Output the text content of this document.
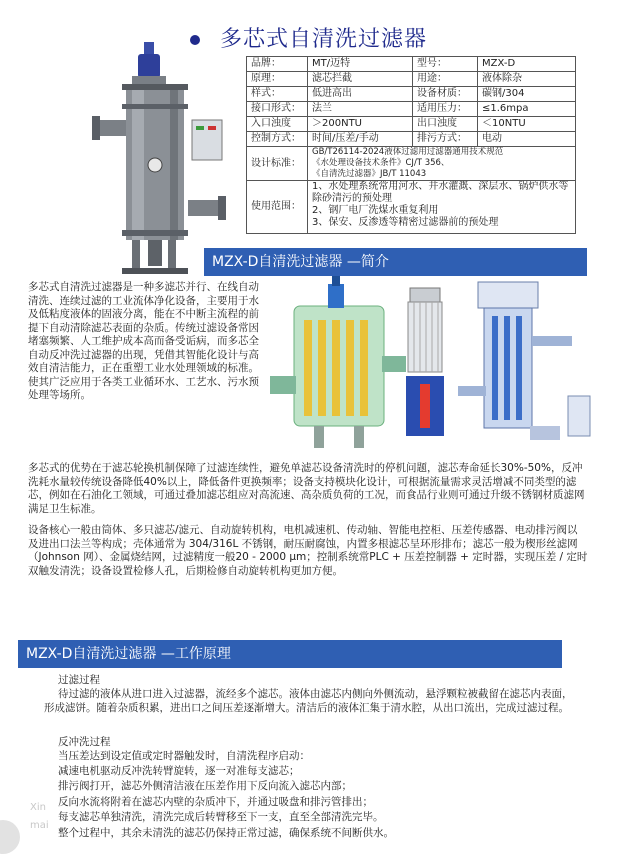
多芯式自清洗过滤器
品牌：	MT/迈特	型号：	MZX-D
原理：	滤芯拦截	用途：	液体除杂
样式：	低进高出	设备材质：	碳钢/304
接口形式：	法兰	适用压力：	≤1.6mpa
入口浊度	＞200NTU	出口浊度	＜10NTU
控制方式：	时间/压差/手动	排污方式：	电动
设计标准：	GB/T26114-2024液体过滤用过滤器通用技术规范
《水处理设备技术条件》CJ/T 356、
《自清洗过滤器》JB/T 11043		

使用范围：	1、水处理系统常用河水、井水灌溉、深层水、锅炉供水等除砂清污的预处理
2、钢厂电厂洗煤水重复利用
3、保安、反渗透等精密过滤器前的预处理		
MZX-D自清洗过滤器 —简介
多芯式自清洗过滤器是一种多滤芯并行、在线自动清洗、连续过滤的工业流体净化设备，主要用于水及低粘度液体的固液分离，能在不中断主流程的前提下自动清除滤芯表面的杂质。传统过滤设备常因堵塞频繁、人工维护成本高而备受诟病，而多芯全自动反冲洗过滤器的出现，凭借其智能化设计与高效自清洁能力，正在重塑工业水处理领域的标准。使其广泛应用于各类工业循环水、工艺水、污水预处理等场所。
多芯式的优势在于滤芯轮换机制保障了过滤连续性，避免单滤芯设备清洗时的停机问题，滤芯寿命延长30%-50%，反冲洗耗水量较传统设备降低40%以上，降低备件更换频率；设备支持模块化设计，可根据流量需求灵活增减不同类型的滤芯，例如在石油化工领域，可通过叠加滤芯组应对高流速、高杂质负荷的工况，而食品行业则可通过升级不锈钢材质滤网满足卫生标准。
设备核心一般由筒体、多只滤芯/滤元、自动旋转机构，电机减速机、传动轴、智能电控柜、压差传感器、电动排污阀以及进出口法兰等构成；壳体通常为 304/316L 不锈钢，耐压耐腐蚀，内置多根滤芯呈环形排布；滤芯一般为楔形丝滤网（Johnson 网）、金属烧结网，过滤精度一般20 - 2000 μm；控制系统常PLC + 压差控制器 + 定时器，实现压差 / 定时双触发清洗；设备设置检修人孔，后期检修自动旋转机构更加方便。
MZX-D自清洗过滤器 —工作原理
过滤过程
待过滤的液体从进口进入过滤器，流经多个滤芯。液体由滤芯内侧向外侧流动，悬浮颗粒被截留在滤芯内表面，形成滤饼。随着杂质积累，进出口之间压差逐渐增大。清洁后的液体汇集于清水腔，从出口流出，完成过滤过程。
反冲洗过程
当压差达到设定值或定时器触发时，自清洗程序启动：
减速电机驱动反冲洗转臂旋转，逐一对准每支滤芯；
排污阀打开，滤芯外侧清洁液在压差作用下反向流入滤芯内部；
反向水流将附着在滤芯内壁的杂质冲下，并通过吸盘和排污管排出；
每支滤芯单独清洗，清洗完成后转臂移至下一支，直至全部清洗完毕。
整个过程中，其余未清洗的滤芯仍保持正常过滤，确保系统不间断供水。
Xin
mai
